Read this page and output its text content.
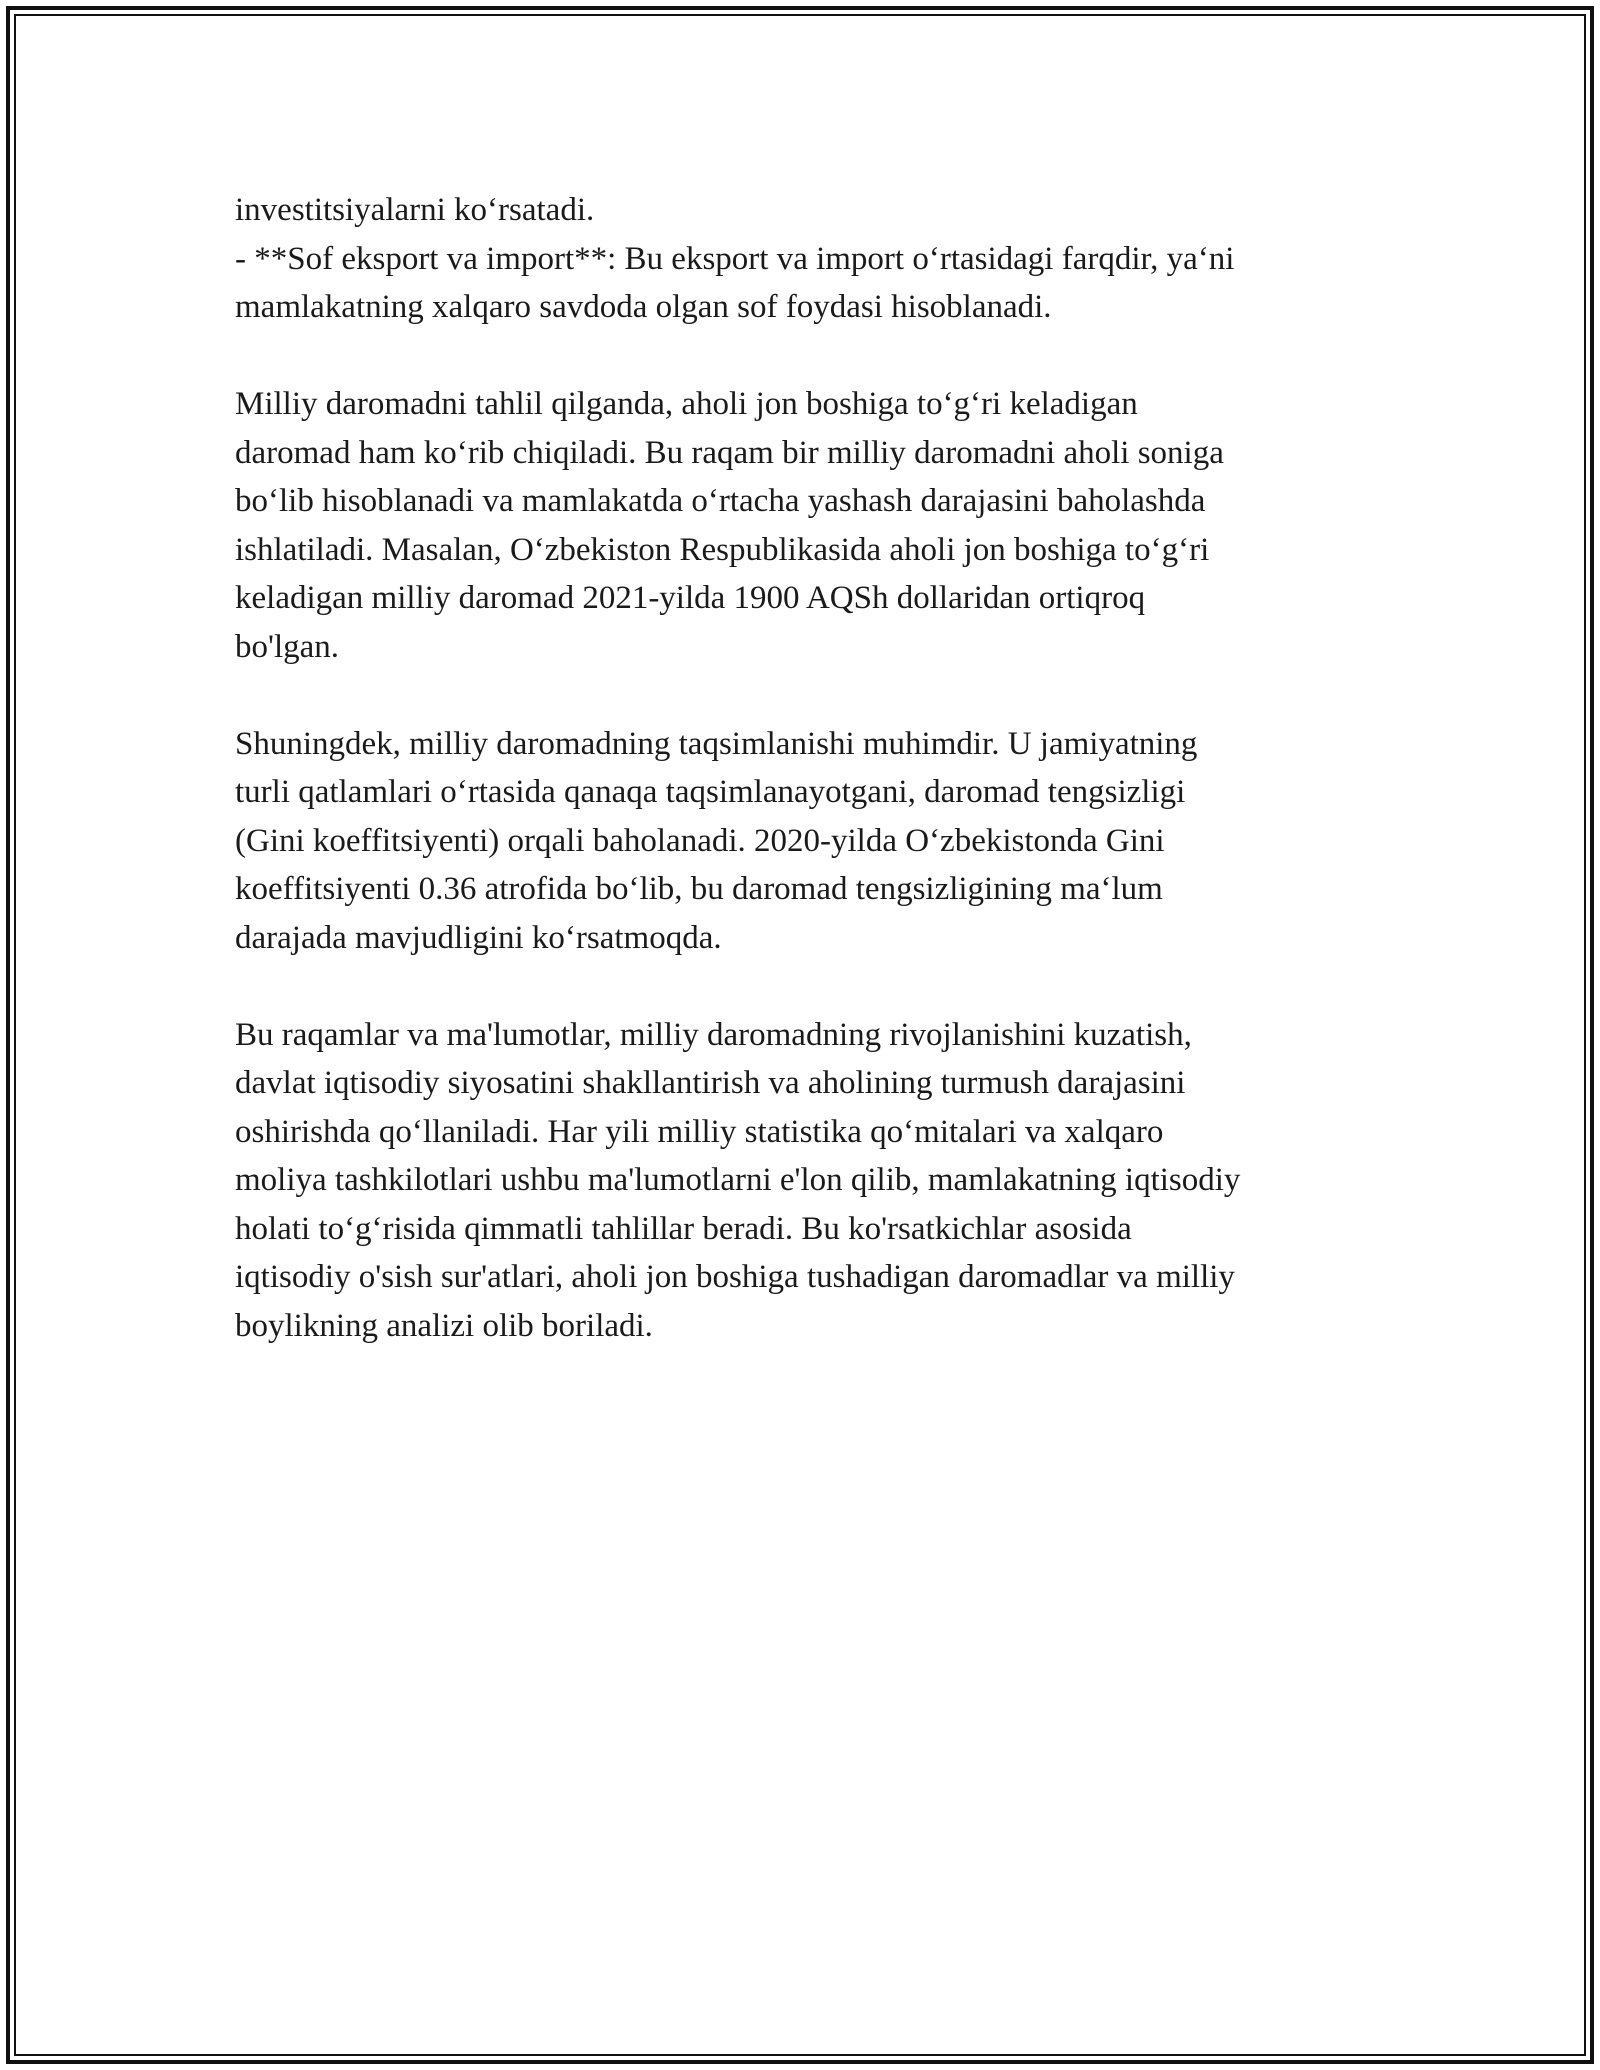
investitsiyalarni ko‘rsatadi.
- **Sof eksport va import**: Bu eksport va import o‘rtasidagi farqdir, ya‘ni
mamlakatning xalqaro savdoda olgan sof foydasi hisoblanadi.

Milliy daromadni tahlil qilganda, aholi jon boshiga to‘g‘ri keladigan
daromad ham ko‘rib chiqiladi. Bu raqam bir milliy daromadni aholi soniga
bo‘lib hisoblanadi va mamlakatda o‘rtacha yashash darajasini baholashda
ishlatiladi. Masalan, O‘zbekiston Respublikasida aholi jon boshiga to‘g‘ri
keladigan milliy daromad 2021-yilda 1900 AQSh dollaridan ortiqroq
bo'lgan.

Shuningdek, milliy daromadning taqsimlanishi muhimdir. U jamiyatning
turli qatlamlari o‘rtasida qanaqa taqsimlanayotgani, daromad tengsizligi
(Gini koeffitsiyenti) orqali baholanadi. 2020-yilda O‘zbekistonda Gini
koeffitsiyenti 0.36 atrofida bo‘lib, bu daromad tengsizligining ma‘lum
darajada mavjudligini ko‘rsatmoqda.

Bu raqamlar va ma'lumotlar, milliy daromadning rivojlanishini kuzatish,
davlat iqtisodiy siyosatini shakllantirish va aholining turmush darajasini
oshirishda qo‘llaniladi. Har yili milliy statistika qo‘mitalari va xalqaro
moliya tashkilotlari ushbu ma'lumotlarni e'lon qilib, mamlakatning iqtisodiy
holati to‘g‘risida qimmatli tahlillar beradi. Bu ko'rsatkichlar asosida
iqtisodiy o'sish sur'atlari, aholi jon boshiga tushadigan daromadlar va milliy
boylikning analizi olib boriladi.
